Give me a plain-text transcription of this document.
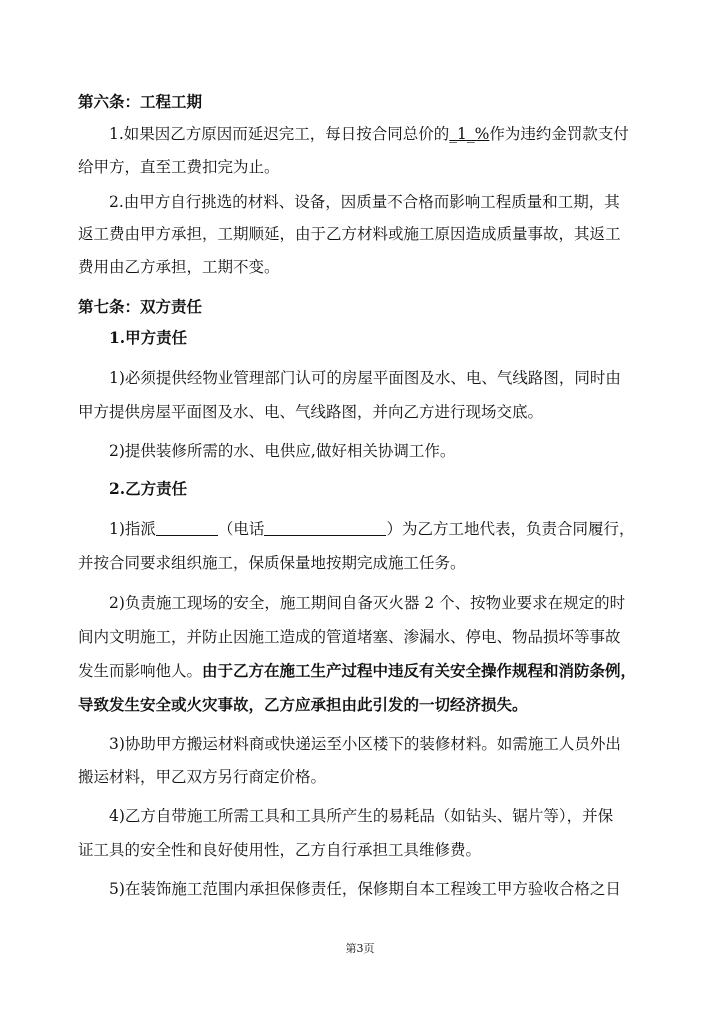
第六条：工程工期

1.如果因乙方原因而延迟完工，每日按合同总价的_1_%作为违约金罚款支付

给甲方，直至工费扣完为止。

2.由甲方自行挑选的材料、设备，因质量不合格而影响工程质量和工期，其

返工费由甲方承担，工期顺延，由于乙方材料或施工原因造成质量事故，其返工

费用由乙方承担，工期不变。

第七条：双方责任

1.甲方责任

1)必须提供经物业管理部门认可的房屋平面图及水、电、气线路图，同时由

甲方提供房屋平面图及水、电、气线路图，并向乙方进行现场交底。

2)提供装修所需的水、电供应,做好相关协调工作。

2.乙方责任

1)指派	（电话	）为乙方工地代表，负责合同履行，

并按合同要求组织施工，保质保量地按期完成施工任务。

2)负责施工现场的安全，施工期间自备灭火器 2 个、按物业要求在规定的时

间内文明施工，并防止因施工造成的管道堵塞、渗漏水、停电、物品损坏等事故

发生而影响他人。由于乙方在施工生产过程中违反有关安全操作规程和消防条例，

导致发生安全或火灾事故，乙方应承担由此引发的一切经济损失。

3)协助甲方搬运材料商或快递运至小区楼下的装修材料。如需施工人员外出

搬运材料，甲乙双方另行商定价格。

4)乙方自带施工所需工具和工具所产生的易耗品（如钻头、锯片等），并保

证工具的安全性和良好使用性，乙方自行承担工具维修费。

5)在装饰施工范围内承担保修责任，保修期自本工程竣工甲方验收合格之日

第3页
